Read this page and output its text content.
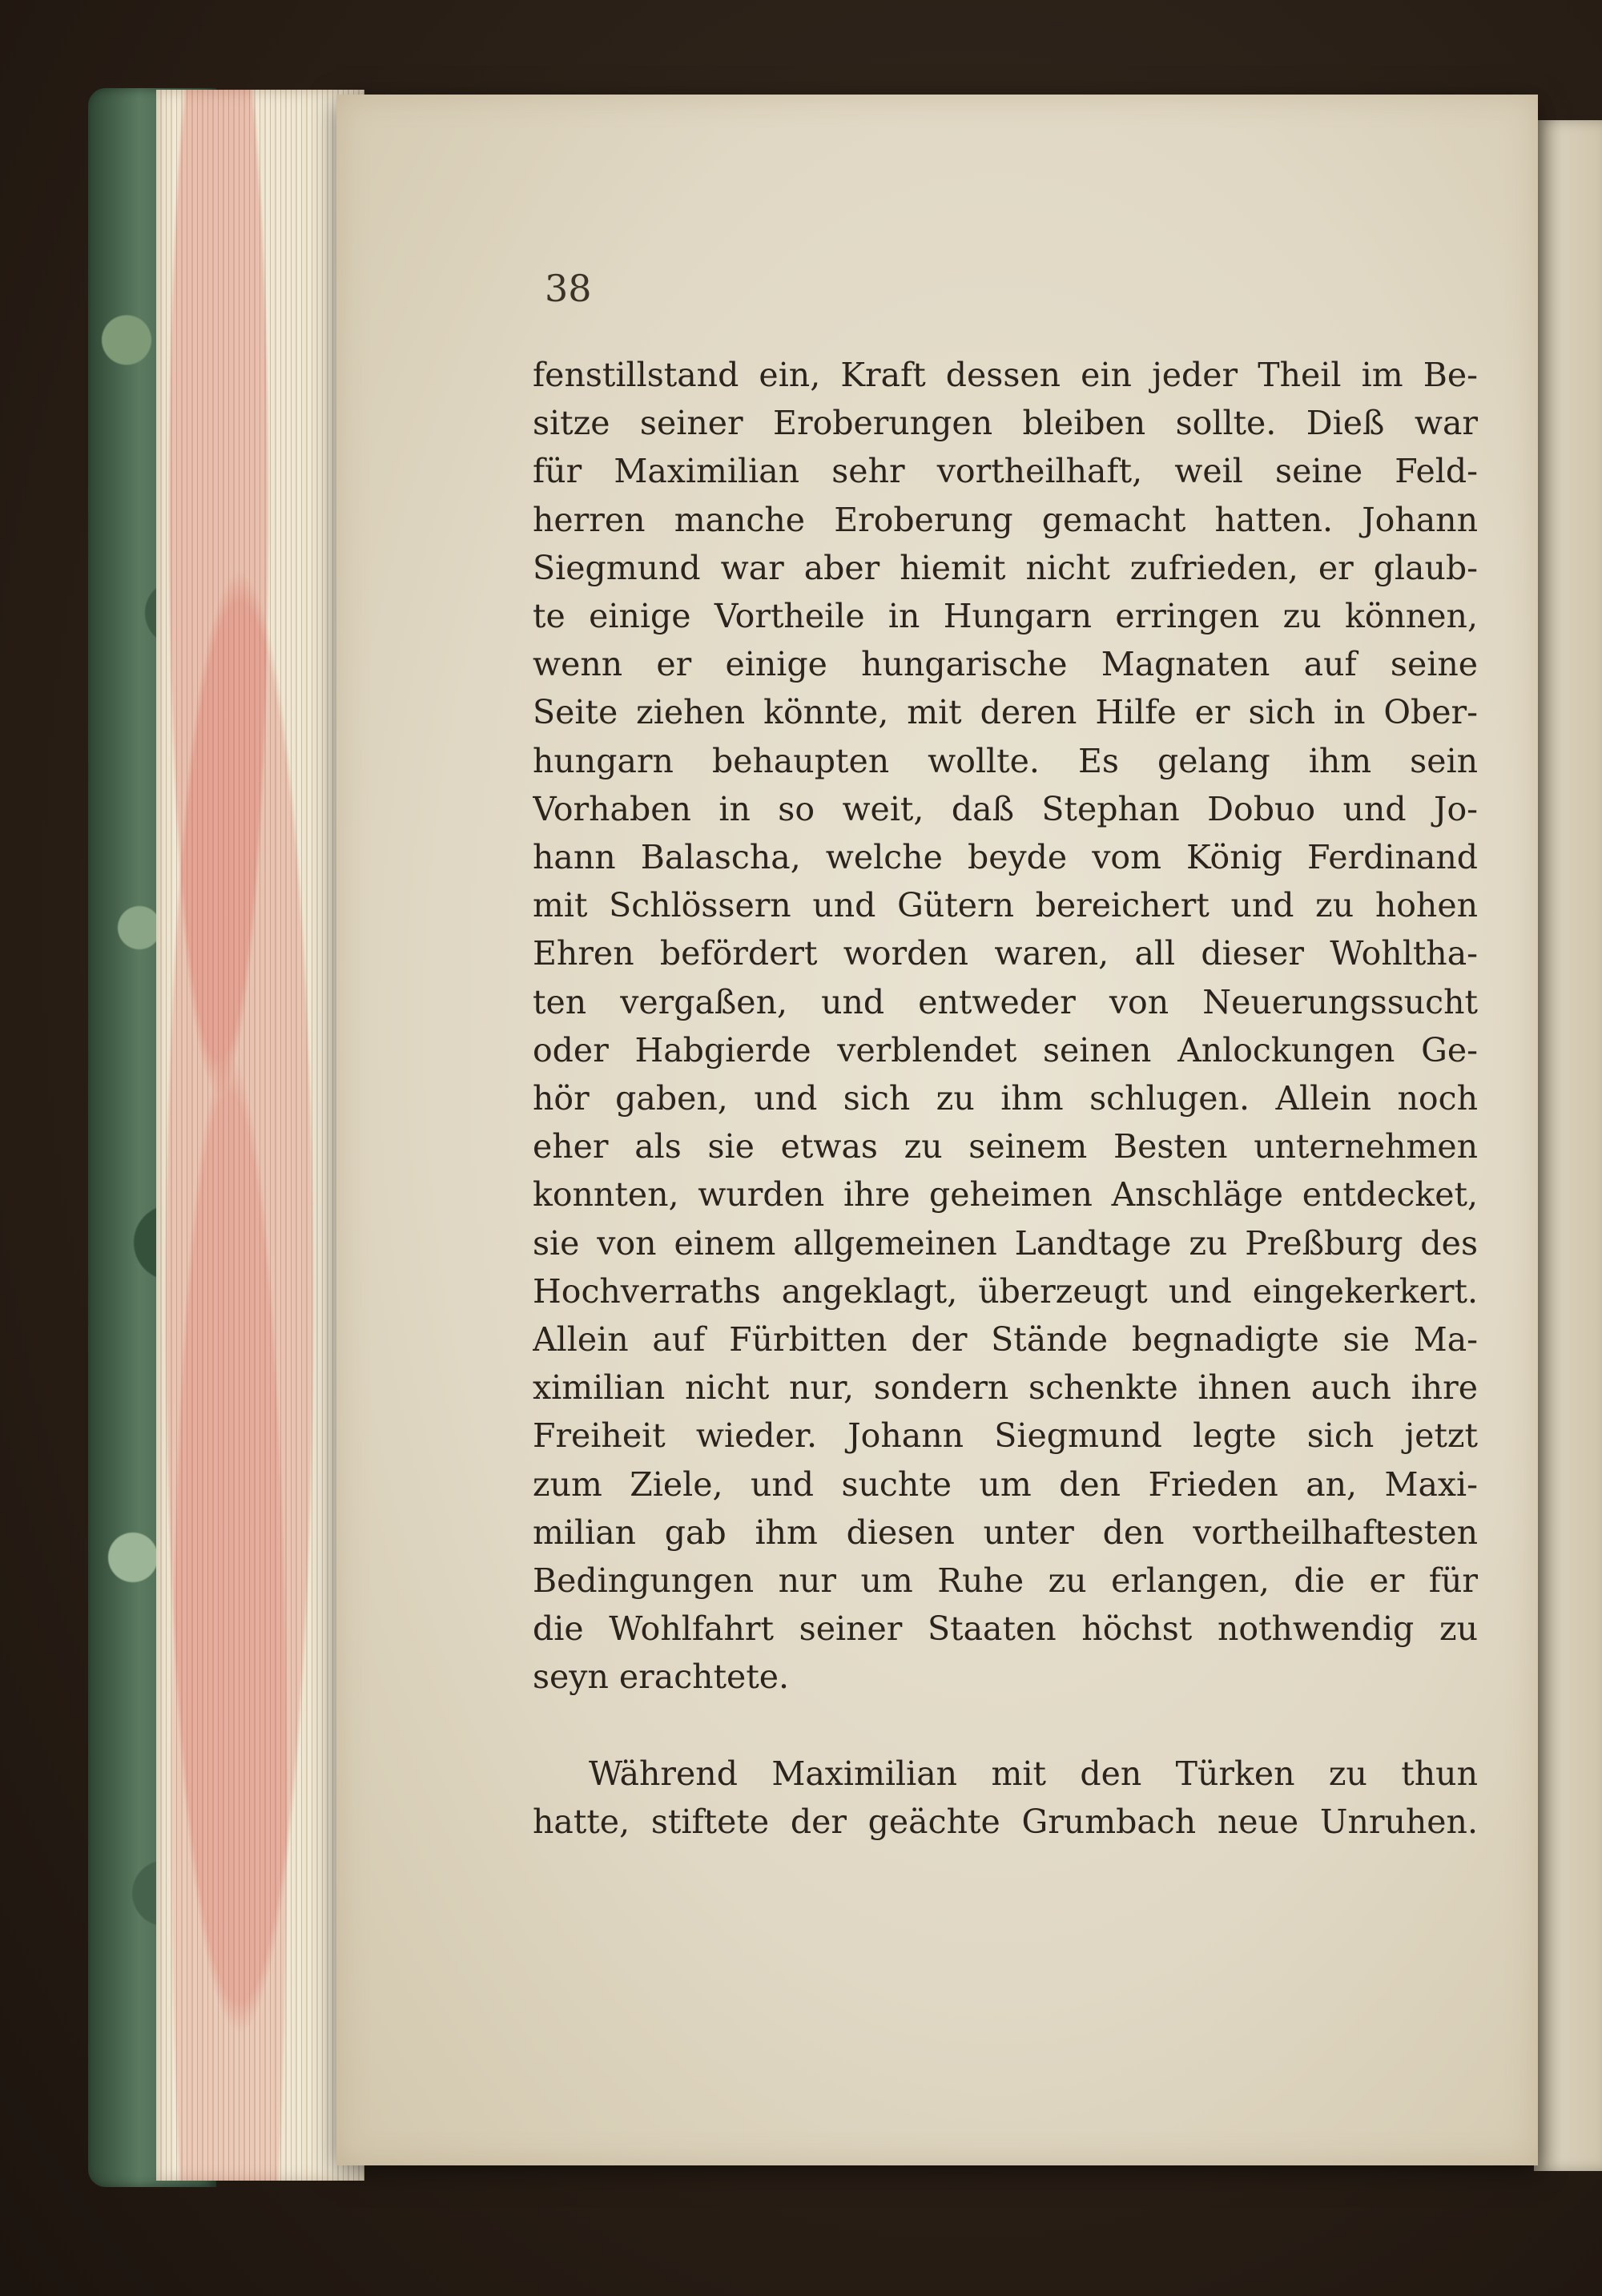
38

fenstillstand ein, Kraft dessen ein jeder Theil im Be-
sitze seiner Eroberungen bleiben sollte. Dieß war
für Maximilian sehr vortheilhaft, weil seine Feld-
herren manche Eroberung gemacht hatten. Johann
Siegmund war aber hiemit nicht zufrieden, er glaub-
te einige Vortheile in Hungarn erringen zu können,
wenn er einige hungarische Magnaten auf seine
Seite ziehen könnte, mit deren Hilfe er sich in Ober-
hungarn behaupten wollte. Es gelang ihm sein
Vorhaben in so weit, daß Stephan Dobuo und Jo-
hann Balascha, welche beyde vom König Ferdinand
mit Schlössern und Gütern bereichert und zu hohen
Ehren befördert worden waren, all dieser Wohltha-
ten vergaßen, und entweder von Neuerungssucht
oder Habgierde verblendet seinen Anlockungen Ge-
hör gaben, und sich zu ihm schlugen. Allein noch
eher als sie etwas zu seinem Besten unternehmen
konnten, wurden ihre geheimen Anschläge entdecket,
sie von einem allgemeinen Landtage zu Preßburg des
Hochverraths angeklagt, überzeugt und eingekerkert.
Allein auf Fürbitten der Stände begnadigte sie Ma-
ximilian nicht nur, sondern schenkte ihnen auch ihre
Freiheit wieder. Johann Siegmund legte sich jetzt
zum Ziele, und suchte um den Frieden an, Maxi-
milian gab ihm diesen unter den vortheilhaftesten
Bedingungen nur um Ruhe zu erlangen, die er für
die Wohlfahrt seiner Staaten höchst nothwendig zu
seyn erachtete.
Während Maximilian mit den Türken zu thun
hatte, stiftete der geächte Grumbach neue Unruhen.
